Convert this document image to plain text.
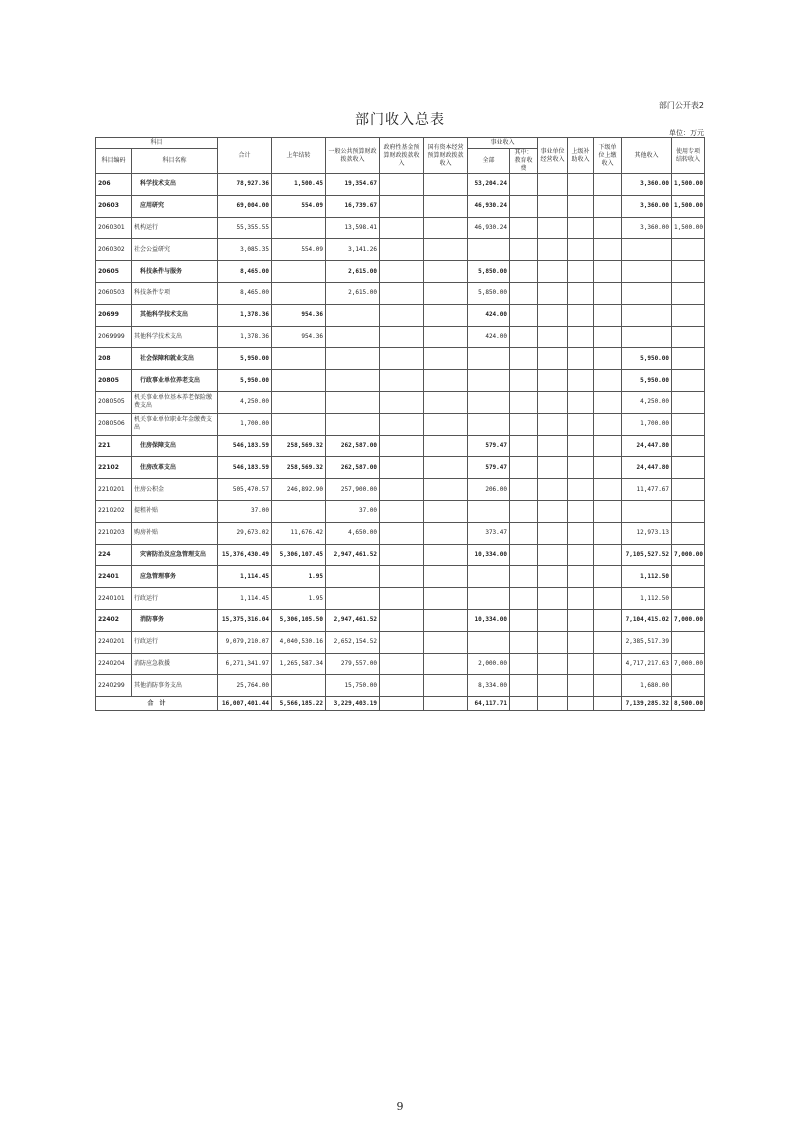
部门公开表2
部门收入总表
单位：万元
科目		合计	上年结转	一般公共预算财政拨款收入	政府性基金预算财政拨款收入	国有资本经营预算财政拨款收入	事业收入		事业单位经营收入	上级补助收入	下级单位上缴收入	其他收入	使用专项结转收入
科目编码	科目名称						全部	其中：教育收费					
206	科学技术支出	78,927.36	1,500.45	19,354.67			53,204.24					3,360.00	1,500.00
20603	应用研究	69,004.00	554.09	16,739.67			46,930.24					3,360.00	1,500.00
2060301	机构运行	55,355.55		13,598.41			46,930.24					3,360.00	1,500.00
2060302	社会公益研究	3,085.35	554.09	3,141.26									
20605	科技条件与服务	8,465.00		2,615.00			5,850.00						
2060503	科技条件专项	8,465.00		2,615.00			5,850.00						
20699	其他科学技术支出	1,378.36	954.36				424.00						
2069999	其他科学技术支出	1,378.36	954.36				424.00						
208	社会保障和就业支出	5,950.00										5,950.00	
20805	行政事业单位养老支出	5,950.00										5,950.00	
2080505	机关事业单位基本养老保险缴费支出	4,250.00										4,250.00	
2080506	机关事业单位职业年金缴费支出	1,700.00										1,700.00	
221	住房保障支出	546,183.59	258,569.32	262,587.00			579.47					24,447.80	
22102	住房改革支出	546,183.59	258,569.32	262,587.00			579.47					24,447.80	
2210201	住房公积金	505,470.57	246,892.90	257,900.00			206.00					11,477.67	
2210202	提租补贴	37.00		37.00									
2210203	购房补贴	29,673.02	11,676.42	4,650.00			373.47					12,973.13	
224	灾害防治及应急管理支出	15,376,430.49	5,306,107.45	2,947,461.52			10,334.00					7,105,527.52	7,000.00
22401	应急管理事务	1,114.45	1.95									1,112.50	
2240101	行政运行	1,114.45	1.95									1,112.50	
22402	消防事务	15,375,316.04	5,306,105.50	2,947,461.52			10,334.00					7,104,415.02	7,000.00
2240201	行政运行	9,079,210.07	4,040,530.16	2,652,154.52								2,385,517.39	
2240204	消防应急救援	6,271,341.97	1,265,587.34	279,557.00			2,000.00					4,717,217.63	7,000.00
2240299	其他消防事务支出	25,764.00		15,750.00			8,334.00					1,680.00	
合　计		16,007,401.44	5,566,185.22	3,229,403.19			64,117.71					7,139,285.32	8,500.00
9
